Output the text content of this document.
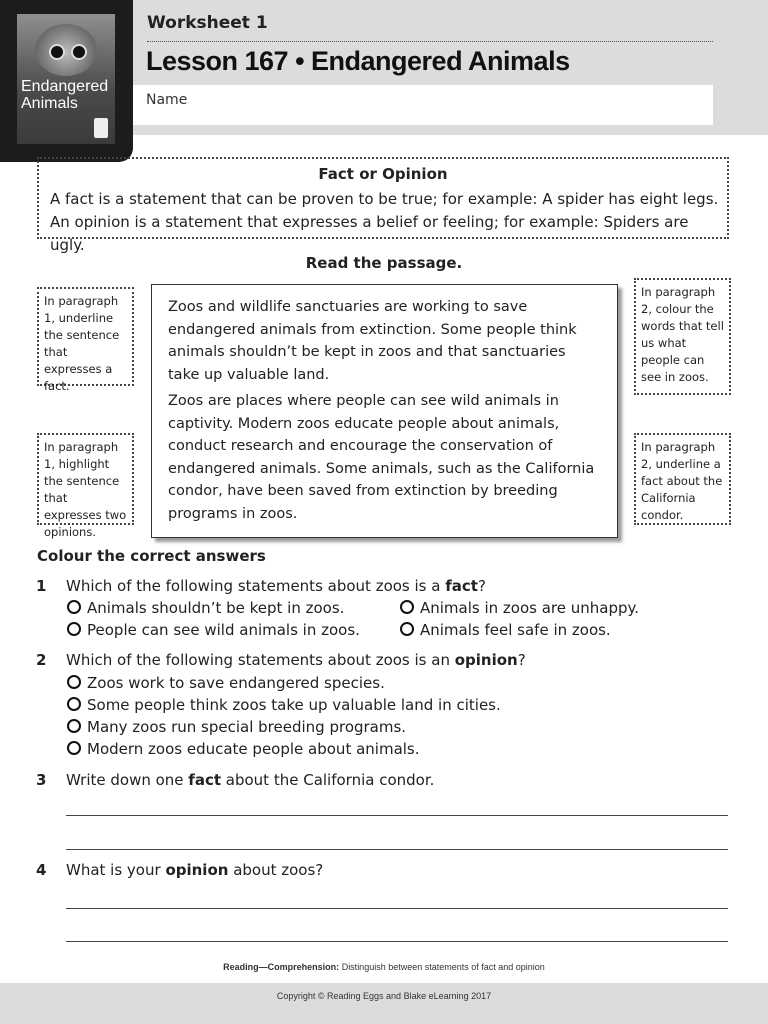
Endangered Animals
Worksheet 1
Lesson 167 • Endangered Animals
Name
Fact or Opinion
A fact is a statement that can be proven to be true; for example: A spider has eight legs. An opinion is a statement that expresses a belief or feeling; for example: Spiders are ugly.
Read the passage.
In paragraph 1, underline the sentence that expresses a fact.
In paragraph 1, highlight the sentence that expresses two opinions.
In paragraph 2, colour the words that tell us what people can see in zoos.
In paragraph 2, underline a fact about the California condor.

Zoos and wildlife sanctuaries are working to save endangered animals from extinction. Some people think animals shouldn’t be kept in zoos and that sanctuaries take up valuable land.

Zoos are places where people can see wild animals in captivity. Modern zoos educate people about animals, conduct research and encourage the conservation of endangered animals. Some animals, such as the California condor, have been saved from extinction by breeding programs in zoos.

Colour the correct answers
1 Which of the following statements about zoos is a fact?
Animals shouldn’t be kept in zoos.	Animals in zoos are unhappy.
People can see wild animals in zoos.	Animals feel safe in zoos.
2 Which of the following statements about zoos is an opinion?
Zoos work to save endangered species.
Some people think zoos take up valuable land in cities.
Many zoos run special breeding programs.
Modern zoos educate people about animals.
3 Write down one fact about the California condor.
4 What is your opinion about zoos?
Reading—Comprehension: Distinguish between statements of fact and opinion
Copyright © Reading Eggs and Blake eLearning 2017
